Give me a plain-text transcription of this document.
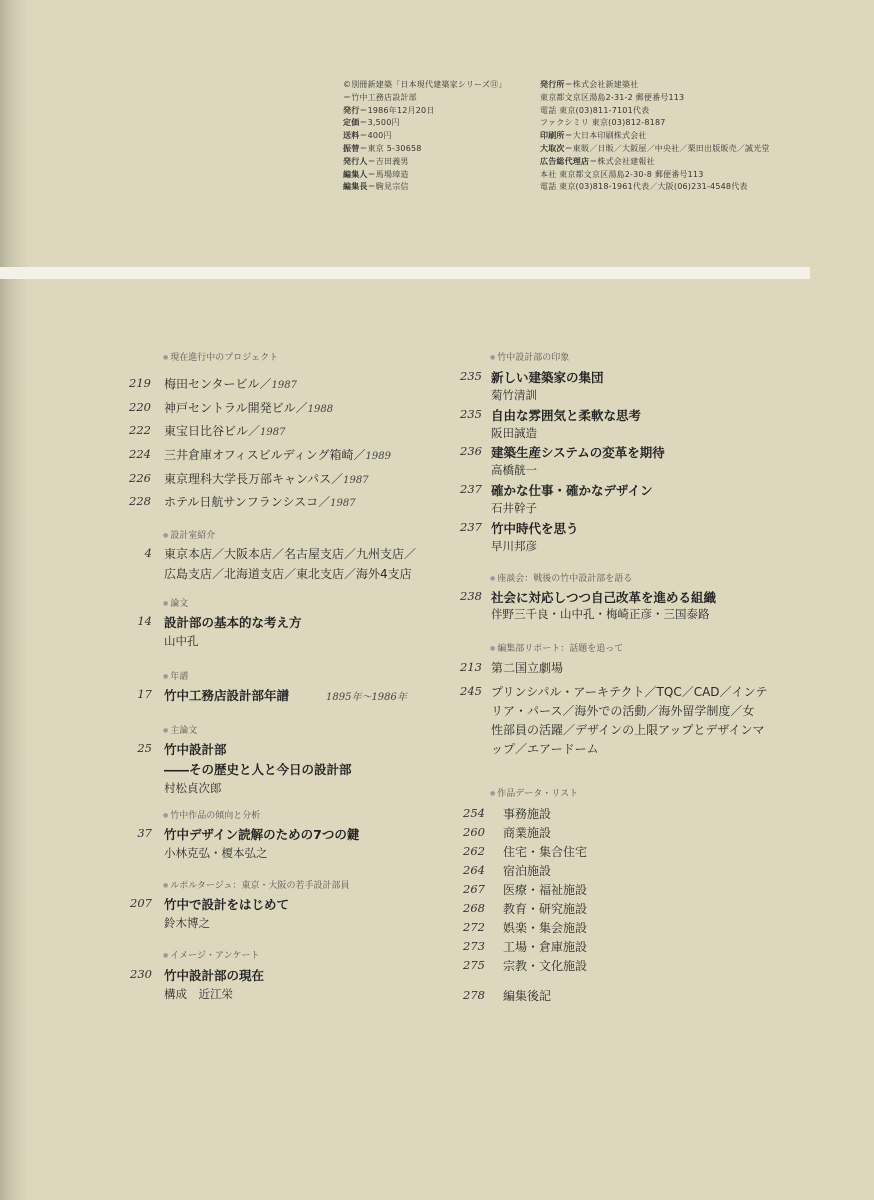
©別冊新建築「日本現代建築家シリーズ⑪」
＝竹中工務店設計部
発行＝1986年12月20日
定価＝3,500円
送料＝400円
振替＝東京 5-30658
発行人＝吉田義男
編集人＝馬場璋造
編集長＝駒見宗信
発行所＝株式会社新建築社
東京都文京区湯島2-31-2 郵便番号113
電話 東京(03)811-7101代表
ファクシミリ 東京(03)812-8187
印刷所＝大日本印刷株式会社
大取次＝東販／日販／大阪屋／中央社／栗田出版販売／誠光堂
広告総代理店＝株式会社建報社
本社 東京都文京区湯島2-30-8 郵便番号113
電話 東京(03)818-1961代表／大阪(06)231-4548代表
● 現在進行中のプロジェクト
219 梅田センタービル／1987
220 神戸セントラル開発ビル／1988
222 東宝日比谷ビル／1987
224 三井倉庫オフィスビルディング箱崎／1989
226 東京理科大学長万部キャンパス／1987
228 ホテル日航サンフランシスコ／1987
● 設計室紹介
4 東京本店／大阪本店／名古屋支店／九州支店／
広島支店／北海道支店／東北支店／海外4支店
● 論文
14 設計部の基本的な考え方
山中孔
● 年譜
17 竹中工務店設計部年譜	1895年～1986年
● 主論文
25 竹中設計部
――その歴史と人と今日の設計部
村松貞次郎
● 竹中作品の傾向と分析
37 竹中デザイン読解のための7つの鍵
小林克弘・榎本弘之
● ルポルタージュ：東京・大阪の若手設計部員
207 竹中で設計をはじめて
鈴木博之
● イメージ・アンケート
230 竹中設計部の現在
構成　近江栄
● 竹中設計部の印象
235 新しい建築家の集団
菊竹清訓
235 自由な雰囲気と柔軟な思考
阪田誠造
236 建築生産システムの変革を期待
高橋靗一
237 確かな仕事・確かなデザイン
石井幹子
237 竹中時代を思う
早川邦彦
● 座談会：戦後の竹中設計部を語る
238 社会に対応しつつ自己改革を進める組織
伴野三千良・山中孔・梅崎正彦・三国泰路
● 編集部リポート：話題を追って
213 第二国立劇場
245 プリンシパル・アーキテクト／TQC／CAD／インテ
リア・パース／海外での活動／海外留学制度／女
性部員の活躍／デザインの上限アップとデザインマ
ップ／エアードーム
● 作品データ・リスト
254 事務施設
260 商業施設
262 住宅・集合住宅
264 宿泊施設
267 医療・福祉施設
268 教育・研究施設
272 娯楽・集会施設
273 工場・倉庫施設
275 宗教・文化施設
278 編集後記
